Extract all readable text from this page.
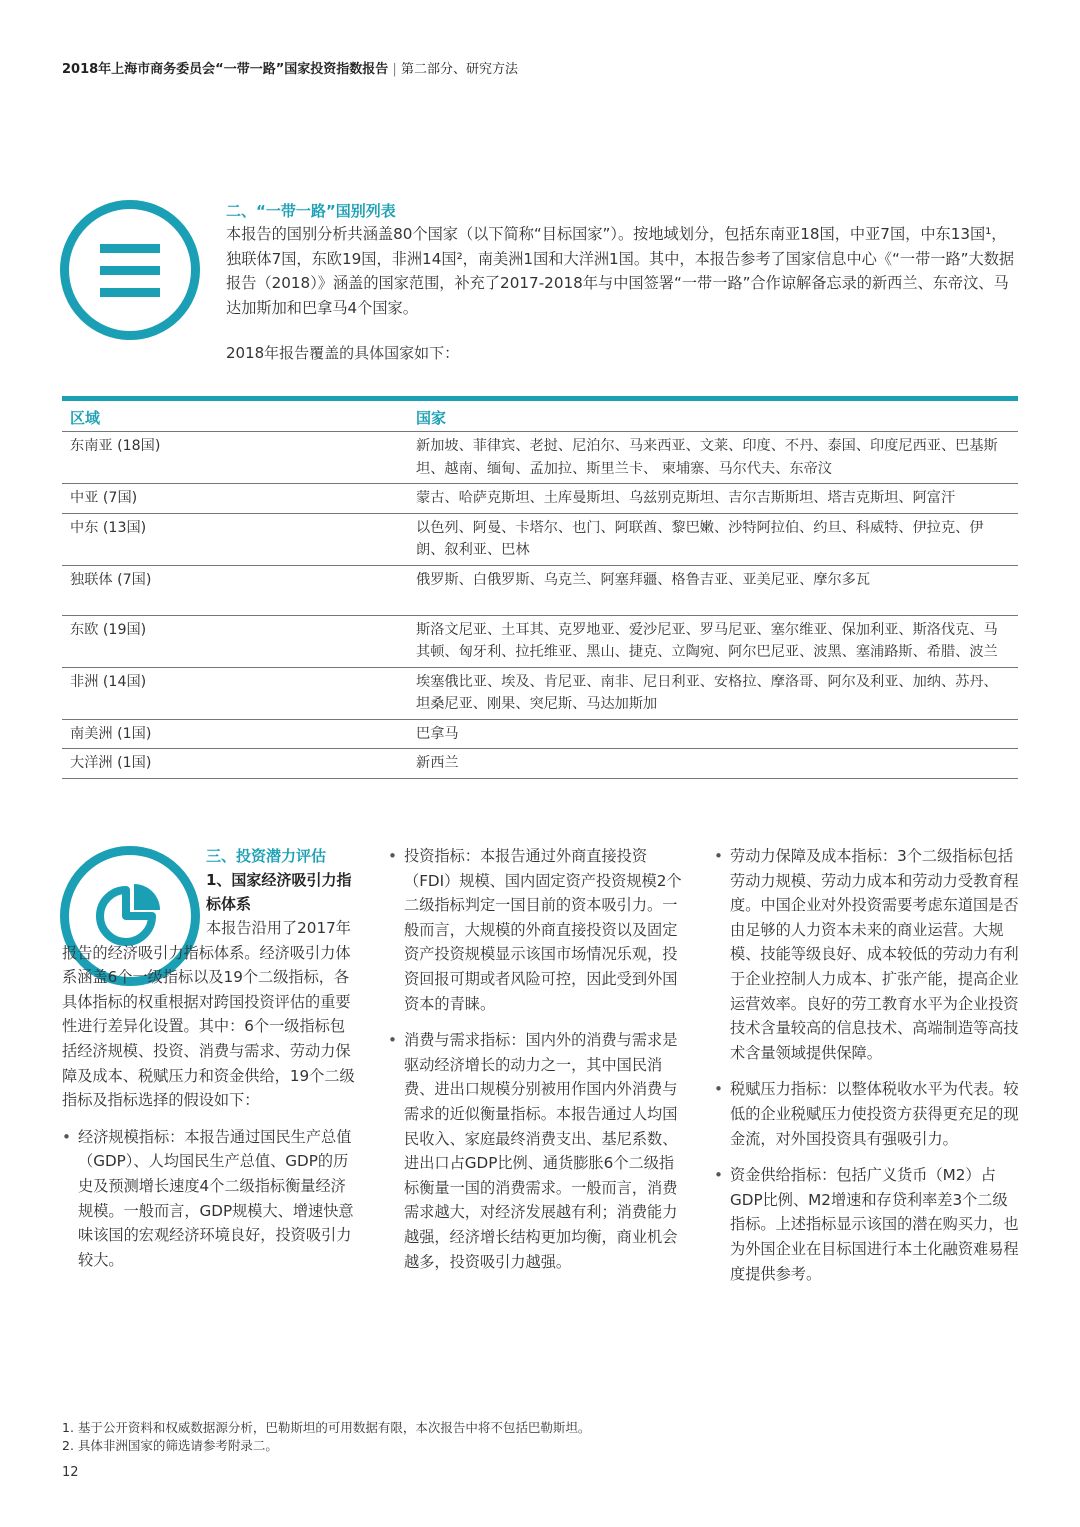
2018年上海市商务委员会“一带一路”国家投资指数报告 | 第二部分、研究方法
二、“一带一路”国别列表
本报告的国别分析共涵盖80个国家（以下简称“目标国家”）。按地域划分，包括东南亚18国，中亚7国，中东13国¹，独联体7国，东欧19国，非洲14国²，南美洲1国和大洋洲1国。其中，本报告参考了国家信息中心《“一带一路”大数据报告（2018）》涵盖的国家范围，补充了2017-2018年与中国签署“一带一路”合作谅解备忘录的新西兰、东帝汶、马达加斯加和巴拿马4个国家。
2018年报告覆盖的具体国家如下：
区域	国家
东南亚 (18国)	新加坡、菲律宾、老挝、尼泊尔、马来西亚、文莱、印度、不丹、泰国、印度尼西亚、巴基斯坦、越南、缅甸、孟加拉、斯里兰卡、 柬埔寨、马尔代夫、东帝汶
中亚 (7国)	蒙古、哈萨克斯坦、土库曼斯坦、乌兹别克斯坦、吉尔吉斯斯坦、塔吉克斯坦、阿富汗
中东 (13国)	以色列、阿曼、卡塔尔、也门、阿联酋、黎巴嫩、沙特阿拉伯、约旦、科威特、伊拉克、伊朗、叙利亚、巴林
独联体 (7国)	俄罗斯、白俄罗斯、乌克兰、阿塞拜疆、格鲁吉亚、亚美尼亚、摩尔多瓦
东欧 (19国)	斯洛文尼亚、土耳其、克罗地亚、爱沙尼亚、罗马尼亚、塞尔维亚、保加利亚、斯洛伐克、马其顿、匈牙利、拉托维亚、黑山、捷克、立陶宛、阿尔巴尼亚、波黑、塞浦路斯、希腊、波兰
非洲 (14国)	埃塞俄比亚、埃及、肯尼亚、南非、尼日利亚、安格拉、摩洛哥、阿尔及利亚、加纳、苏丹、坦桑尼亚、刚果、突尼斯、马达加斯加
南美洲 (1国)	巴拿马
大洋洲 (1国)	新西兰
三、投资潜力评估
1、国家经济吸引力指标体系
本报告沿用了2017年报告的经济吸引力指标体系。经济吸引力体系涵盖6个一级指标以及19个二级指标，各具体指标的权重根据对跨国投资评估的重要性进行差异化设置。其中：6个一级指标包括经济规模、投资、消费与需求、劳动力保障及成本、税赋压力和资金供给，19个二级指标及指标选择的假设如下：
• 经济规模指标：本报告通过国民生产总值（GDP）、人均国民生产总值、GDP的历史及预测增长速度4个二级指标衡量经济规模。一般而言，GDP规模大、增速快意味该国的宏观经济环境良好，投资吸引力较大。
• 投资指标：本报告通过外商直接投资（FDI）规模、国内固定资产投资规模2个二级指标判定一国目前的资本吸引力。一般而言，大规模的外商直接投资以及固定资产投资规模显示该国市场情况乐观，投资回报可期或者风险可控，因此受到外国资本的青睐。
• 消费与需求指标：国内外的消费与需求是驱动经济增长的动力之一，其中国民消费、进出口规模分别被用作国内外消费与需求的近似衡量指标。本报告通过人均国民收入、家庭最终消费支出、基尼系数、进出口占GDP比例、通货膨胀6个二级指标衡量一国的消费需求。一般而言，消费需求越大，对经济发展越有利；消费能力越强，经济增长结构更加均衡，商业机会越多，投资吸引力越强。
• 劳动力保障及成本指标：3个二级指标包括劳动力规模、劳动力成本和劳动力受教育程度。中国企业对外投资需要考虑东道国是否由足够的人力资本未来的商业运营。大规模、技能等级良好、成本较低的劳动力有利于企业控制人力成本、扩张产能，提高企业运营效率。良好的劳工教育水平为企业投资技术含量较高的信息技术、高端制造等高技术含量领域提供保障。
• 税赋压力指标：以整体税收水平为代表。较低的企业税赋压力使投资方获得更充足的现金流，对外国投资具有强吸引力。
• 资金供给指标：包括广义货币（M2）占GDP比例、M2增速和存贷利率差3个二级指标。上述指标显示该国的潜在购买力，也为外国企业在目标国进行本土化融资难易程度提供参考。
1. 基于公开资料和权威数据源分析，巴勒斯坦的可用数据有限，本次报告中将不包括巴勒斯坦。
2. 具体非洲国家的筛选请参考附录二。
12
